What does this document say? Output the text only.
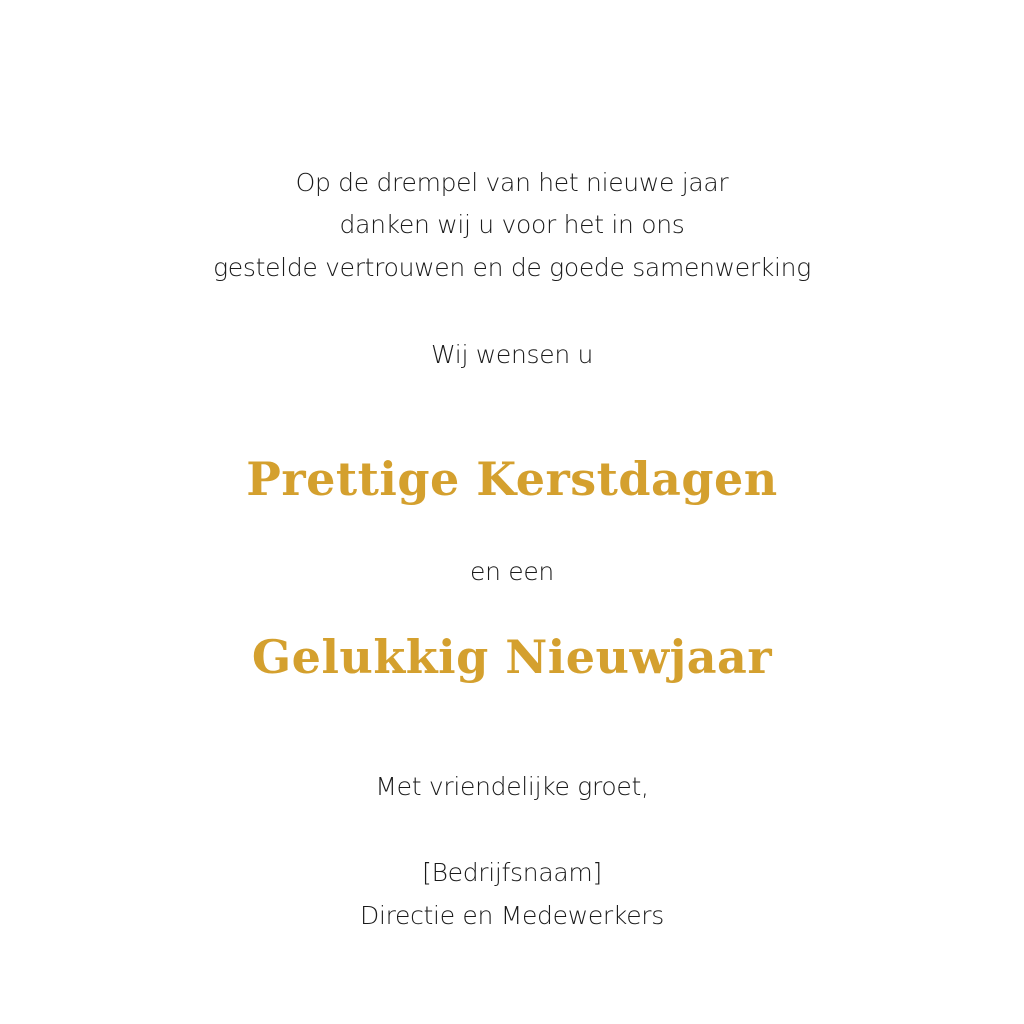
Op de drempel van het nieuwe jaar
danken wij u voor het in ons
gestelde vertrouwen en de goede samenwerking
Wij wensen u
Prettige Kerstdagen
en een
Gelukkig Nieuwjaar
Met vriendelijke groet,
[Bedrijfsnaam]
Directie en Medewerkers
